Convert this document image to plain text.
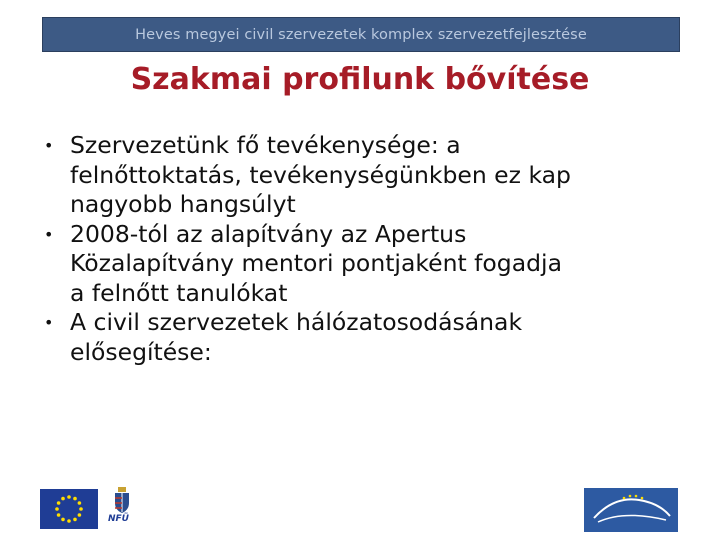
Heves megyei civil szervezetek komplex szervezetfejlesztése
Szakmai profilunk bővítése
• Szervezetünk fő tevékenysége: a
felnőttoktatás, tevékenységünkben ez kap
nagyobb hangsúlyt
• 2008-tól az alapítvány az Apertus
Közalapítvány mentori pontjaként fogadja
a felnőtt tanulókat
• A civil szervezetek hálózatosodásának
elősegítése:
NFÜ
